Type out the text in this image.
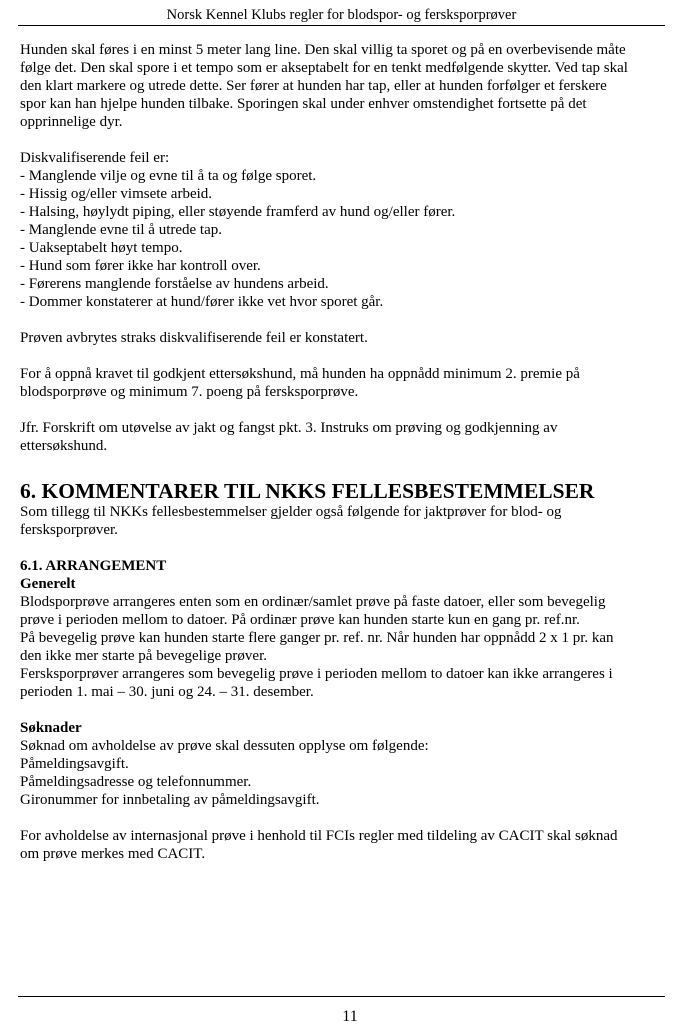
Norsk Kennel Klubs regler for blodspor- og fersksporprøver

Hunden skal føres i en minst 5 meter lang line. Den skal villig ta sporet og på en overbevisende måte
følge det. Den skal spore i et tempo som er akseptabelt for en tenkt medfølgende skytter. Ved tap skal
den klart markere og utrede dette. Ser fører at hunden har tap, eller at hunden forfølger et ferskere
spor kan han hjelpe hunden tilbake. Sporingen skal under enhver omstendighet fortsette på det
opprinnelige dyr.

Diskvalifiserende feil er:
- Manglende vilje og evne til å ta og følge sporet.
- Hissig og/eller vimsete arbeid.
- Halsing, høylydt piping, eller støyende framferd av hund og/eller fører.
- Manglende evne til å utrede tap.
- Uakseptabelt høyt tempo.
- Hund som fører ikke har kontroll over.
- Førerens manglende forståelse av hundens arbeid.
- Dommer konstaterer at hund/fører ikke vet hvor sporet går.

Prøven avbrytes straks diskvalifiserende feil er konstatert.

For å oppnå kravet til godkjent ettersøkshund, må hunden ha oppnådd minimum 2. premie på
blodsporprøve og minimum 7. poeng på fersksporprøve.

Jfr. Forskrift om utøvelse av jakt og fangst pkt. 3. Instruks om prøving og godkjenning av
ettersøkshund.

6. KOMMENTARER TIL NKKS FELLESBESTEMMELSER

Som tillegg til NKKs fellesbestemmelser gjelder også følgende for jaktprøver for blod- og
fersksporprøver.

6.1. ARRANGEMENT

Generelt

Blodsporprøve arrangeres enten som en ordinær/samlet prøve på faste datoer, eller som bevegelig
prøve i perioden mellom to datoer. På ordinær prøve kan hunden starte kun en gang pr. ref.nr.
På bevegelig prøve kan hunden starte flere ganger pr. ref. nr. Når hunden har oppnådd 2 x 1 pr. kan
den ikke mer starte på bevegelige prøver.
Fersksporprøver arrangeres som bevegelig prøve i perioden mellom to datoer kan ikke arrangeres i
perioden 1. mai – 30. juni og 24. – 31. desember.

Søknader

Søknad om avholdelse av prøve skal dessuten opplyse om følgende:
Påmeldingsavgift.
Påmeldingsadresse og telefonnummer.
Gironummer for innbetaling av påmeldingsavgift.

For avholdelse av internasjonal prøve i henhold til FCIs regler med tildeling av CACIT skal søknad
om prøve merkes med CACIT.

11
